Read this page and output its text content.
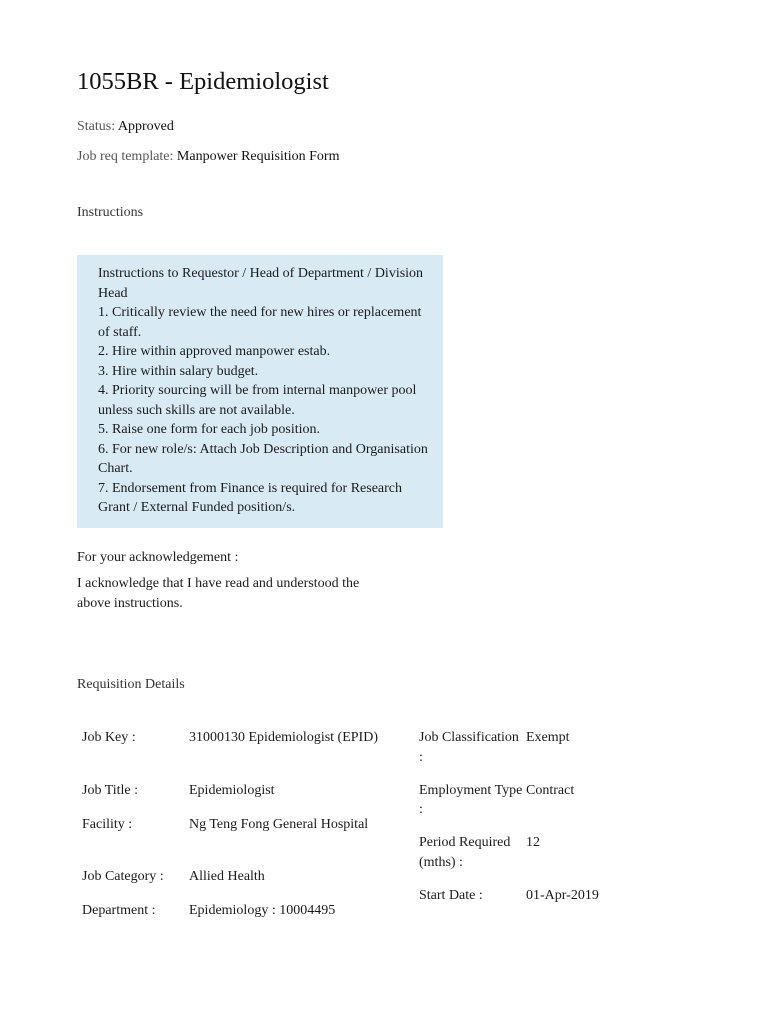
1055BR - Epidemiologist
Status: Approved
Job req template: Manpower Requisition Form
Instructions
Instructions to Requestor / Head of Department / Division Head
1. Critically review the need for new hires or replacement of staff.
2. Hire within approved manpower estab.
3. Hire within salary budget.
4. Priority sourcing will be from internal manpower pool unless such skills are not available.
5. Raise one form for each job position.
6. For new role/s: Attach Job Description and Organisation Chart.
7. Endorsement from Finance is required for Research Grant / External Funded position/s.
For your acknowledgement :
I acknowledge that I have read and understood the above instructions.
Requisition Details
Job Key :	31000130 Epidemiologist (EPID)
Job Title :	Epidemiologist
Facility :	Ng Teng Fong General Hospital
Job Category :	Allied Health
Department :	Epidemiology : 10004495
Job Classification :
Exempt
Employment Type :
Contract
Period Required (mths) :
12
Start Date :	01-Apr-2019
